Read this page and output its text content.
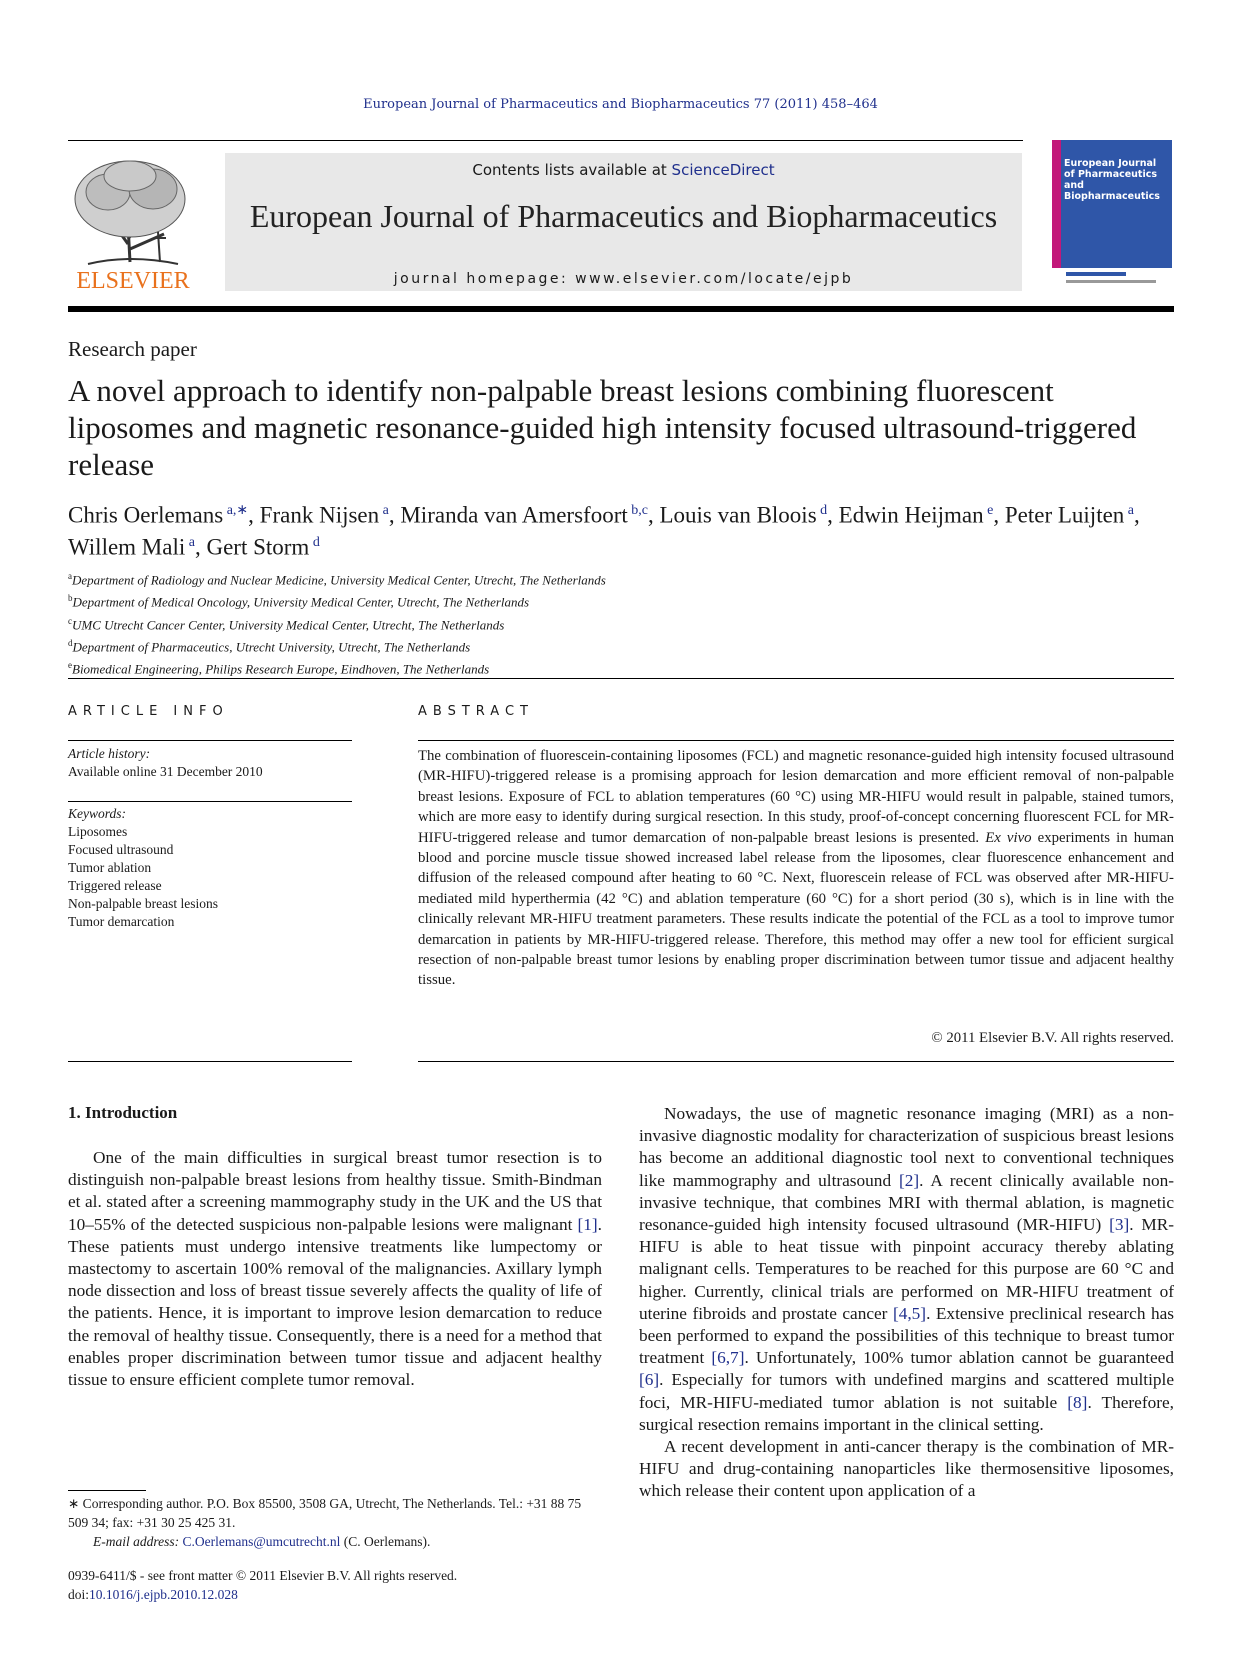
European Journal of Pharmaceutics and Biopharmaceutics 77 (2011) 458–464
ELSEVIER
Contents lists available at ScienceDirect
European Journal of Pharmaceutics and Biopharmaceutics
journal homepage: www.elsevier.com/locate/ejpb
European Journal of Pharmaceutics and Biopharmaceutics
Research paper
A novel approach to identify non-palpable breast lesions combining fluorescent liposomes and magnetic resonance-guided high intensity focused ultrasound-triggered release
Chris Oerlemans $^{a,∗}$, Frank Nijsen $^a$, Miranda van Amersfoort $^{b,c}$, Louis van Bloois $^d$, Edwin Heijman $^e$, Peter Luijten $^a$, Willem Mali $^a$, Gert Storm $^d$
$^a$Department of Radiology and Nuclear Medicine, University Medical Center, Utrecht, The Netherlands
$^b$Department of Medical Oncology, University Medical Center, Utrecht, The Netherlands
$^c$UMC Utrecht Cancer Center, University Medical Center, Utrecht, The Netherlands
$^d$Department of Pharmaceutics, Utrecht University, Utrecht, The Netherlands
$^e$Biomedical Engineering, Philips Research Europe, Eindhoven, The Netherlands
ARTICLE INFO	ABSTRACT
Article history:
Available online 31 December 2010
Keywords:
Liposomes
Focused ultrasound
Tumor ablation
Triggered release
Non-palpable breast lesions
Tumor demarcation
The combination of fluorescein-containing liposomes (FCL) and magnetic resonance-guided high intensity focused ultrasound (MR-HIFU)-triggered release is a promising approach for lesion demarcation and more efficient removal of non-palpable breast lesions. Exposure of FCL to ablation temperatures (60 °C) using MR-HIFU would result in palpable, stained tumors, which are more easy to identify during surgical resection. In this study, proof-of-concept concerning fluorescent FCL for MR-HIFU-triggered release and tumor demarcation of non-palpable breast lesions is presented. Ex vivo experiments in human blood and porcine muscle tissue showed increased label release from the liposomes, clear fluorescence enhancement and diffusion of the released compound after heating to 60 °C. Next, fluorescein release of FCL was observed after MR-HIFU-mediated mild hyperthermia (42 °C) and ablation temperature (60 °C) for a short period (30 s), which is in line with the clinically relevant MR-HIFU treatment parameters. These results indicate the potential of the FCL as a tool to improve tumor demarcation in patients by MR-HIFU-triggered release. Therefore, this method may offer a new tool for efficient surgical resection of non-palpable breast tumor lesions by enabling proper discrimination between tumor tissue and adjacent healthy tissue.
© 2011 Elsevier B.V. All rights reserved.
1. Introduction

One of the main difficulties in surgical breast tumor resection is to distinguish non-palpable breast lesions from healthy tissue. Smith-Bindman et al. stated after a screening mammography study in the UK and the US that 10–55% of the detected suspicious non-palpable lesions were malignant [1]. These patients must undergo intensive treatments like lumpectomy or mastectomy to ascertain 100% removal of the malignancies. Axillary lymph node dissection and loss of breast tissue severely affects the quality of life of the patients. Hence, it is important to improve lesion demarcation to reduce the removal of healthy tissue. Consequently, there is a need for a method that enables proper discrimination between tumor tissue and adjacent healthy tissue to ensure efficient complete tumor removal.

Nowadays, the use of magnetic resonance imaging (MRI) as a non-invasive diagnostic modality for characterization of suspicious breast lesions has become an additional diagnostic tool next to conventional techniques like mammography and ultrasound [2]. A recent clinically available non-invasive technique, that combines MRI with thermal ablation, is magnetic resonance-guided high intensity focused ultrasound (MR-HIFU) [3]. MR-HIFU is able to heat tissue with pinpoint accuracy thereby ablating malignant cells. Temperatures to be reached for this purpose are 60 °C and higher. Currently, clinical trials are performed on MR-HIFU treatment of uterine fibroids and prostate cancer [4,5]. Extensive preclinical research has been performed to expand the possibilities of this technique to breast tumor treatment [6,7]. Unfortunately, 100% tumor ablation cannot be guaranteed [6]. Especially for tumors with undefined margins and scattered multiple foci, MR-HIFU-mediated tumor ablation is not suitable [8]. Therefore, surgical resection remains important in the clinical setting.

A recent development in anti-cancer therapy is the combination of MR-HIFU and drug-containing nanoparticles like thermosensitive liposomes, which release their content upon application of a

∗ Corresponding author. P.O. Box 85500, 3508 GA, Utrecht, The Netherlands. Tel.: +31 88 75 509 34; fax: +31 30 25 425 31.
E-mail address: C.Oerlemans@umcutrecht.nl (C. Oerlemans).
0939-6411/$ - see front matter © 2011 Elsevier B.V. All rights reserved.
doi:10.1016/j.ejpb.2010.12.028
